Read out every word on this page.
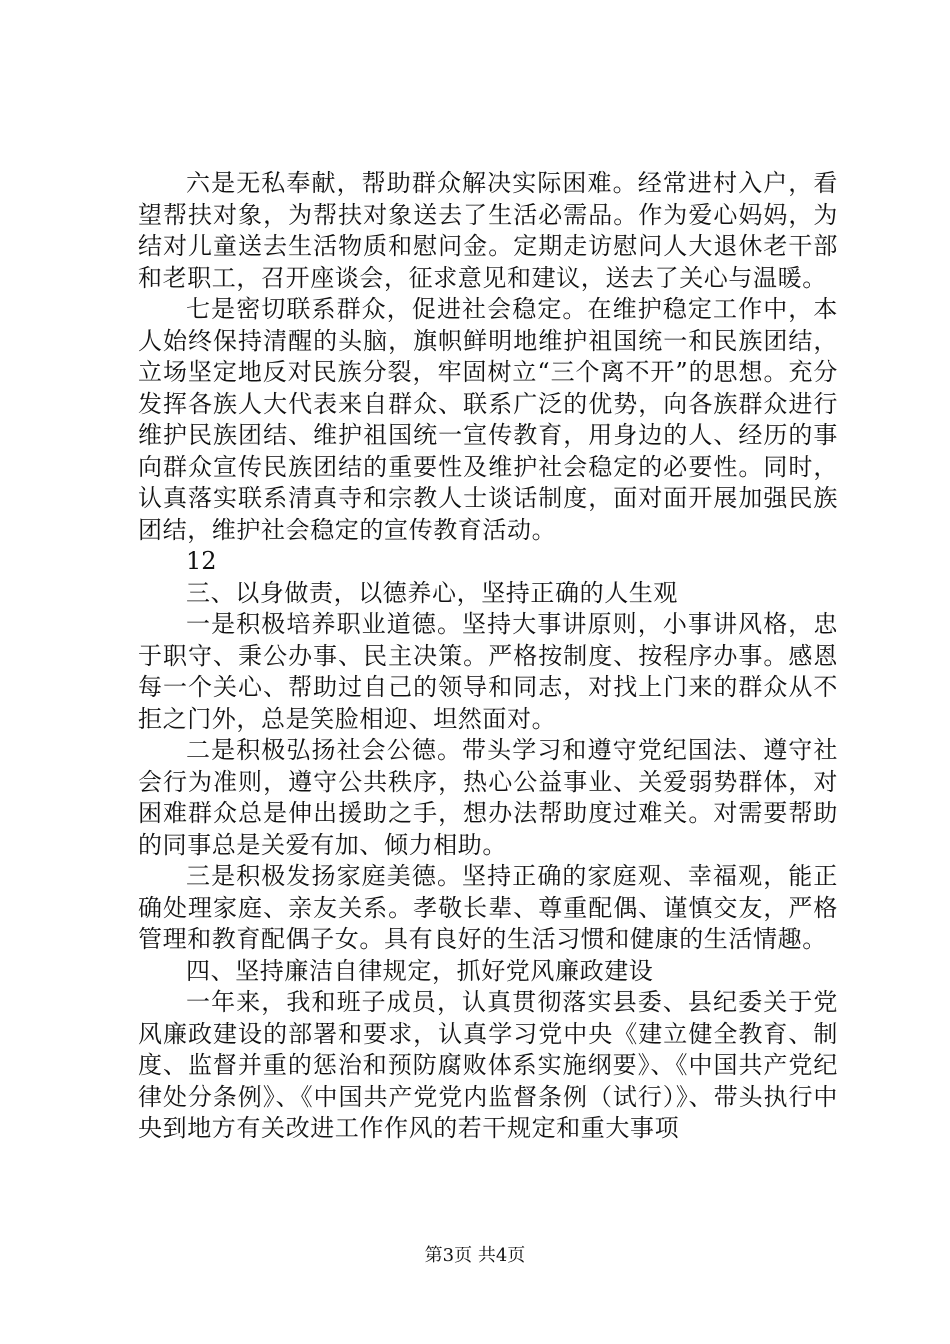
六是无私奉献，帮助群众解决实际困难。经常进村入户，看望帮扶对象，为帮扶对象送去了生活必需品。作为爱心妈妈，为结对儿童送去生活物质和慰问金。定期走访慰问人大退休老干部和老职工，召开座谈会，征求意见和建议，送去了关心与温暖。

七是密切联系群众，促进社会稳定。在维护稳定工作中，本人始终保持清醒的头脑，旗帜鲜明地维护祖国统一和民族团结，立场坚定地反对民族分裂，牢固树立“三个离不开”的思想。充分发挥各族人大代表来自群众、联系广泛的优势，向各族群众进行维护民族团结、维护祖国统一宣传教育，用身边的人、经历的事向群众宣传民族团结的重要性及维护社会稳定的必要性。同时，认真落实联系清真寺和宗教人士谈话制度，面对面开展加强民族团结，维护社会稳定的宣传教育活动。

12

三、以身做责，以德养心，坚持正确的人生观

一是积极培养职业道德。坚持大事讲原则，小事讲风格，忠于职守、秉公办事、民主决策。严格按制度、按程序办事。感恩每一个关心、帮助过自己的领导和同志，对找上门来的群众从不拒之门外，总是笑脸相迎、坦然面对。

二是积极弘扬社会公德。带头学习和遵守党纪国法、遵守社会行为准则，遵守公共秩序，热心公益事业、关爱弱势群体，对困难群众总是伸出援助之手，想办法帮助度过难关。对需要帮助的同事总是关爱有加、倾力相助。

三是积极发扬家庭美德。坚持正确的家庭观、幸福观，能正确处理家庭、亲友关系。孝敬长辈、尊重配偶、谨慎交友，严格管理和教育配偶子女。具有良好的生活习惯和健康的生活情趣。

四、坚持廉洁自律规定，抓好党风廉政建设

一年来，我和班子成员，认真贯彻落实县委、县纪委关于党风廉政建设的部署和要求，认真学习党中央《建立健全教育、制度、监督并重的惩治和预防腐败体系实施纲要》、《中国共产党纪律处分条例》、《中国共产党党内监督条例（试行）》、带头执行中央到地方有关改进工作作风的若干规定和重大事项

第3页 共4页
